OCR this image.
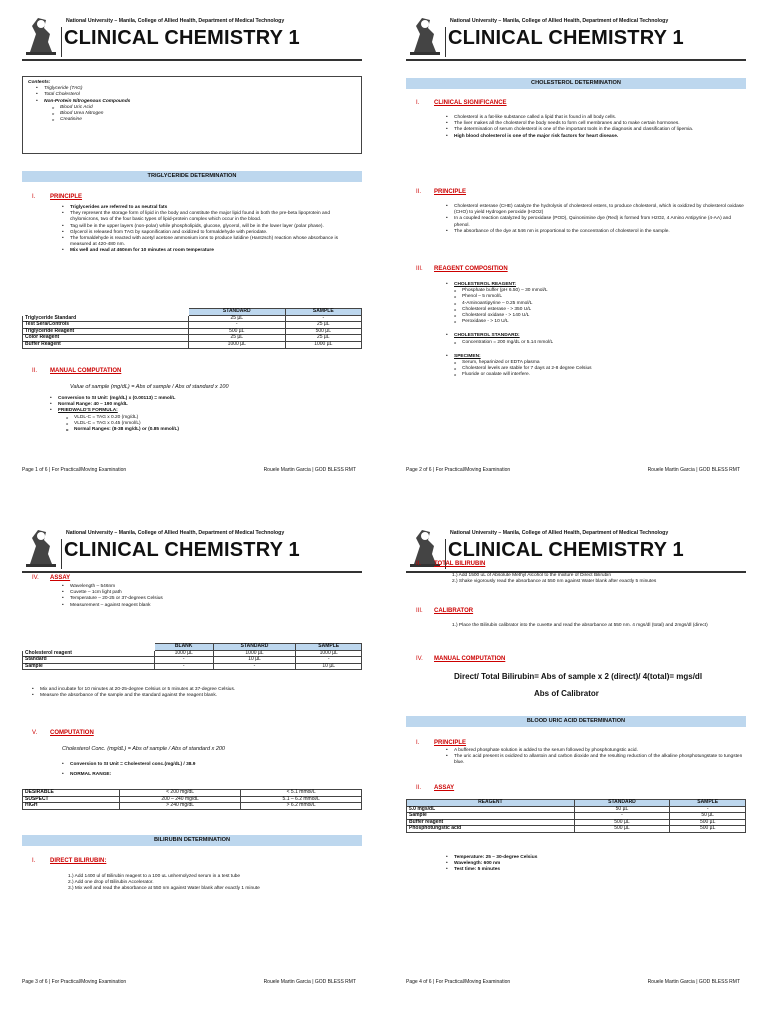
National University – Manila, College of Allied Health, Department of Medical Technology
CLINICAL CHEMISTRY 1
Contents:
• Triglyceride (TAG)
• Total Cholesterol
• Non-Protein Nitrogenous Compounds
o Blood Uric Acid
o Blood Urea Nitrogen
o Creatinine
TRIGLYCERIDE DETERMINATION
I. PRINCIPLE
• Triglycerides are referred to as neutral fats
• They represent the storage form of lipid in the body and constitute the major lipid found in both the pre-beta lipoprotein and chylomicrons, two of the four basic types of lipid-protein complex which occur in the blood.
• Tag will be in the upper layers (non-polar) while phospholipids, glucose, glycerol, will be in the lower layer (polar phase).
• Glycerol is released from TAG by saponification and oxidized to formaldehyde with periodate.
• The formaldehyde is reacted with acetyl acetone ammonium ions to produce lutidine (Hantzsch) reaction whose absorbance is measured at 420-480 nm.
• Mix well and read at 460nm for 10 minutes at room temperature
	STANDARD	SAMPLE
Triglyceride Standard	25 µL	-
Test Sera/Controls	-	25 µL
Triglyceride Reagent	500 µL	500 µL
Color Reagent	25 µL	25 µL
Buffer Reagent	1000 µL	1000 µL
II. MANUAL COMPUTATION
Value of sample (mg/dL) = Abs of sample / Abs of standard x 100
• Conversion to SI Unit: (mg/dL) x (0.00113) = mmol/L
• Normal Range: 40 – 190 mg/dL
• FRIEDWALD'S FORMULA:
o VLDL-C = TAG x 0.20 (mg/dL)
o VLDL-C = TAG x 0.45 (mmol/L)
o Normal Ranges: (8-38 mg/dL) or (0.85 mmol/L)
Page 1 of 6 | For Practical/Moving Examination	Rouele Martin Garcia | GOD BLESS RMT
National University – Manila, College of Allied Health, Department of Medical Technology
CLINICAL CHEMISTRY 1
CHOLESTEROL DETERMINATION
I. CLINICAL SIGNIFICANCE
• Cholesterol is a fat-like substance called a lipid that is found in all body cells.
• The liver makes all the cholesterol the body needs to form cell membranes and to make certain hormones.
• The determination of serum cholesterol is one of the important tools in the diagnosis and classification of lipemia.
• High blood cholesterol is one of the major risk factors for heart disease.
II. PRINCIPLE
• Cholesterol esterase (CHE) catalyze the hydrolysis of cholesterol esters, to produce cholesterol, which is oxidized by cholesterol oxidase (CHO) to yield Hydrogen peroxide (H2O2)
• In a coupled reaction catalyzed by peroxidase (POD), Quinonimine dye (Red) is formed from H2O2, 4 Amino Antipyrine (4-AA) and phenol.
• The absorbance of the dye at 546 nm is proportional to the concentration of cholesterol in the sample.
III. REAGENT COMPOSITION
• CHOLESTEROL REAGENT:
o Phosphate buffer (pH 6.50) – 30 mmol/L
o Phenol – 5 mmol/L
o 4-Aminoantipyrine – 0.25 mmol/L
o Cholesterol esterase - > 350 U/L
o Cholesterol oxidase - > 140 U/L
o Peroxidase - > 10 U/L
• CHOLESTEROL STANDARD:
o Concentration = 200 mg/dL or 5.14 mmol/L
• SPECIMEN:
o Serum, heparinized or EDTA plasma
o Cholesterol levels are stable for 7 days at 2-8 degree Celsius
o Fluoride or oxalate will interfere.
Page 2 of 6 | For Practical/Moving Examination	Rouele Martin Garcia | GOD BLESS RMT
National University – Manila, College of Allied Health, Department of Medical Technology
CLINICAL CHEMISTRY 1
IV. ASSAY
• Wavelength – 546nm
• Cuvette – 1cm light path
• Temperature – 20-25 or 37-degrees Celsius
• Measurement – against reagent blank
	BLANK	STANDARD	SAMPLE
Cholesterol reagent	1000 µL	1000 µL	1000 µL
Standard	-	10 µL	-
Sample	-	-	10 µL
• Mix and incubate for 10 minutes at 20-25-degree Celsius or 5 minutes at 37-degree Celsius.
• Measure the absorbance of the sample and the standard against the reagent blank.
V. COMPUTATION
Cholesterol Conc. (mg/dL) = Abs of sample / Abs of standard x 200
• Conversion to SI Unit = Cholesterol conc.(mg/dL) / 38.9
• NORMAL RANGE:
DESIRABLE	< 200 mg/dL	< 5.1 mmol/L
SUSPECT	200 – 240 mg/dL	5.1 – 6.2 mmol/L
HIGH	> 240 mg/dL	> 6.2 mmol/L
BILIRUBIN DETERMINATION
I. DIRECT BILIRUBIN:
1.) Add 1400 ul of Bilirubin reagent to a 100 uL unhemolyzed serum in a test tube
2.) Add one drop of Bilirubin Accelerator.
3.) Mix well and read the absorbance at 550 nm against Water blank after exactly 1 minute
Page 3 of 6 | For Practical/Moving Examination	Rouele Martin Garcia | GOD BLESS RMT
National University – Manila, College of Allied Health, Department of Medical Technology
CLINICAL CHEMISTRY 1
II. TOTAL BILIRUBIN
1.) Add 1500 uL of Absolute Methyl Alcohol to the mixture of Direct Bilirubin
2.) Shake vigorously read the absorbance at 550 nm against Water blank after exactly 5 minutes
III. CALIBRATOR
1.) Place the Bilirubin calibrator into the cuvette and read the absorbance at 550 nm. 4 mgs/dl (total) and 2mgs/dl (direct)
IV. MANUAL COMPUTATION
Direct/ Total Bilirubin= Abs of sample x 2 (direct)/ 4(total)= mgs/dl
Abs of Calibrator
BLOOD URIC ACID DETERMINATION
I. PRINCIPLE
• A buffered phosphate solution is added to the serum followed by phosphotungstic acid.
• The uric acid present is oxidized to allantoin and carbon dioxide and the resulting reduction of the alkaline phosphotungstate to tungsten blue.
II. ASSAY
REAGENT	STANDARD	SAMPLE
5.0 mgs/dL	50 µL	-
Sample	-	50 µL
Buffer reagent	500 µL	500 µL
Phosphotungstic acid	500 µL	500 µL
• Temperature: 25 – 30-degree Celsius
• Wavelength: 600 nm
• Test time: 5 minutes
Page 4 of 6 | For Practical/Moving Examination	Rouele Martin Garcia | GOD BLESS RMT
